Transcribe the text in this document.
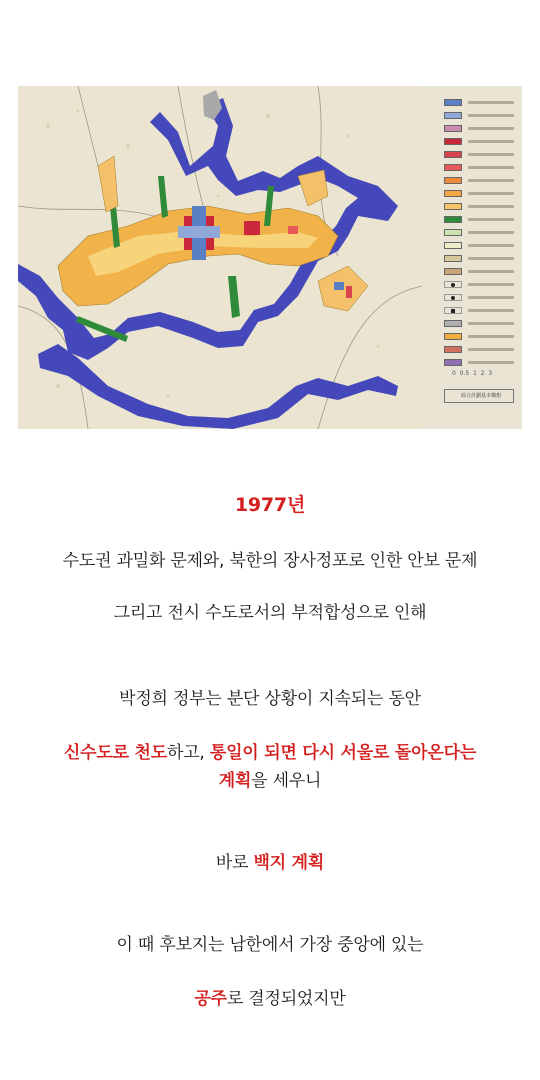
0  0.5  1  2  3
綜合計劃基本構想
1977년
수도권 과밀화 문제와, 북한의 장사정포로 인한 안보 문제
그리고 전시 수도로서의 부적합성으로 인해
박정희 정부는 분단 상황이 지속되는 동안
신수도로 천도하고, 통일이 되면 다시 서울로 돌아온다는
계획을 세우니
바로 백지 계획
이 때 후보지는 남한에서 가장 중앙에 있는
공주로 결정되었지만
